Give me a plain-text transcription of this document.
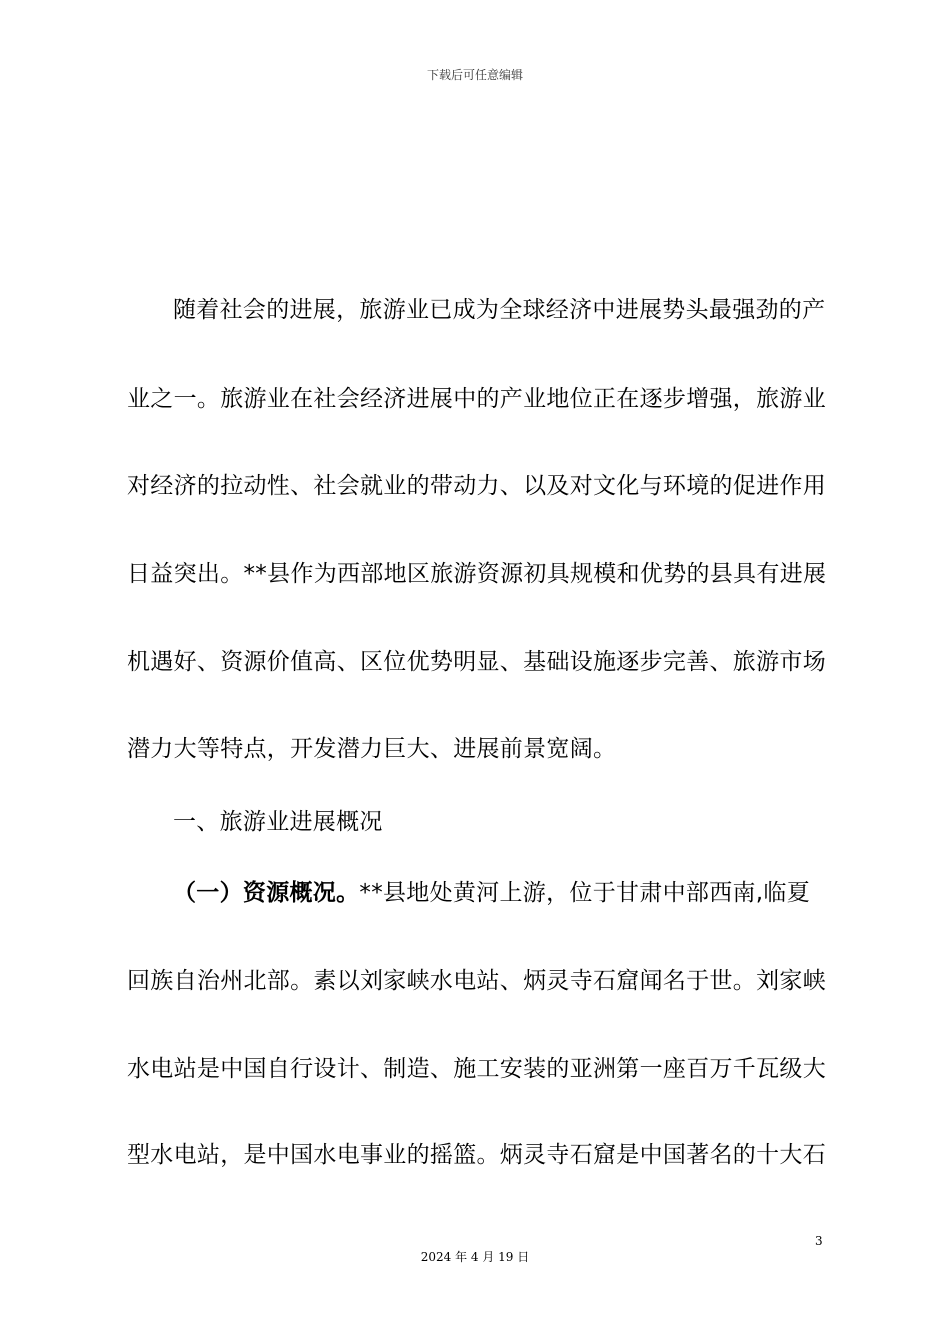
下载后可任意编辑
随着社会的进展，旅游业已成为全球经济中进展势头最强劲的产
业之一。旅游业在社会经济进展中的产业地位正在逐步增强，旅游业
对经济的拉动性、社会就业的带动力、以及对文化与环境的促进作用
日益突出。**县作为西部地区旅游资源初具规模和优势的县具有进展
机遇好、资源价值高、区位优势明显、基础设施逐步完善、旅游市场
潜力大等特点，开发潜力巨大、进展前景宽阔。
一、旅游业进展概况
（一）资源概况。**县地处黄河上游，位于甘肃中部西南,临夏
回族自治州北部。素以刘家峡水电站、炳灵寺石窟闻名于世。刘家峡
水电站是中国自行设计、制造、施工安装的亚洲第一座百万千瓦级大
型水电站，是中国水电事业的摇篮。炳灵寺石窟是中国著名的十大石
3
2024 年 4 月 19 日
